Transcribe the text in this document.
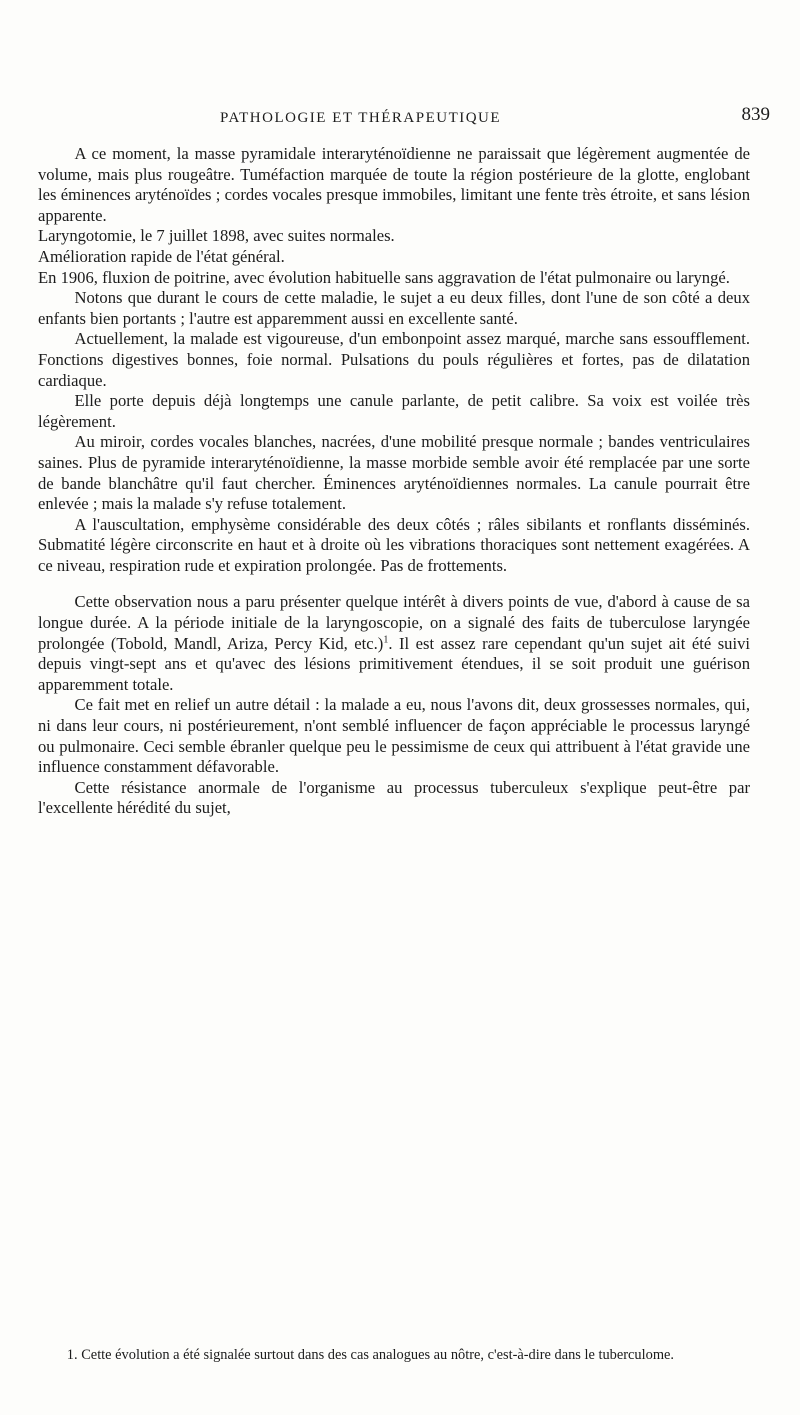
PATHOLOGIE ET THÉRAPEUTIQUE	839

A ce moment, la masse pyramidale interaryténoïdienne ne paraissait que légèrement augmentée de volume, mais plus rougeâtre. Tuméfaction marquée de toute la région postérieure de la glotte, englobant les éminences aryténoïdes ; cordes vocales presque immobiles, limitant une fente très étroite, et sans lésion apparente.

Laryngotomie, le 7 juillet 1898, avec suites normales.

Amélioration rapide de l'état général.

En 1906, fluxion de poitrine, avec évolution habituelle sans aggravation de l'état pulmonaire ou laryngé.

Notons que durant le cours de cette maladie, le sujet a eu deux filles, dont l'une de son côté a deux enfants bien portants ; l'autre est apparemment aussi en excellente santé.

Actuellement, la malade est vigoureuse, d'un embonpoint assez marqué, marche sans essoufflement. Fonctions digestives bonnes, foie normal. Pulsations du pouls régulières et fortes, pas de dilatation cardiaque.

Elle porte depuis déjà longtemps une canule parlante, de petit calibre. Sa voix est voilée très légèrement.

Au miroir, cordes vocales blanches, nacrées, d'une mobilité presque normale ; bandes ventriculaires saines. Plus de pyramide interaryténoïdienne, la masse morbide semble avoir été remplacée par une sorte de bande blanchâtre qu'il faut chercher. Éminences aryténoïdiennes normales. La canule pourrait être enlevée ; mais la malade s'y refuse totalement.

A l'auscultation, emphysème considérable des deux côtés ; râles sibilants et ronflants disséminés. Submatité légère circonscrite en haut et à droite où les vibrations thoraciques sont nettement exagérées. A ce niveau, respiration rude et expiration prolongée. Pas de frottements.

Cette observation nous a paru présenter quelque intérêt à divers points de vue, d'abord à cause de sa longue durée. A la période initiale de la laryngoscopie, on a signalé des faits de tuberculose laryngée prolongée (Tobold, Mandl, Ariza, Percy Kid, etc.)$^1$. Il est assez rare cependant qu'un sujet ait été suivi depuis vingt-sept ans et qu'avec des lésions primitivement étendues, il se soit produit une guérison apparemment totale.

Ce fait met en relief un autre détail : la malade a eu, nous l'avons dit, deux grossesses normales, qui, ni dans leur cours, ni postérieurement, n'ont semblé influencer de façon appréciable le processus laryngé ou pulmonaire. Ceci semble ébranler quelque peu le pessimisme de ceux qui attribuent à l'état gravide une influence constamment défavorable.

Cette résistance anormale de l'organisme au processus tuberculeux s'explique peut-être par l'excellente hérédité du sujet,

1. Cette évolution a été signalée surtout dans des cas analogues au nôtre, c'est-à-dire dans le tuberculome.
